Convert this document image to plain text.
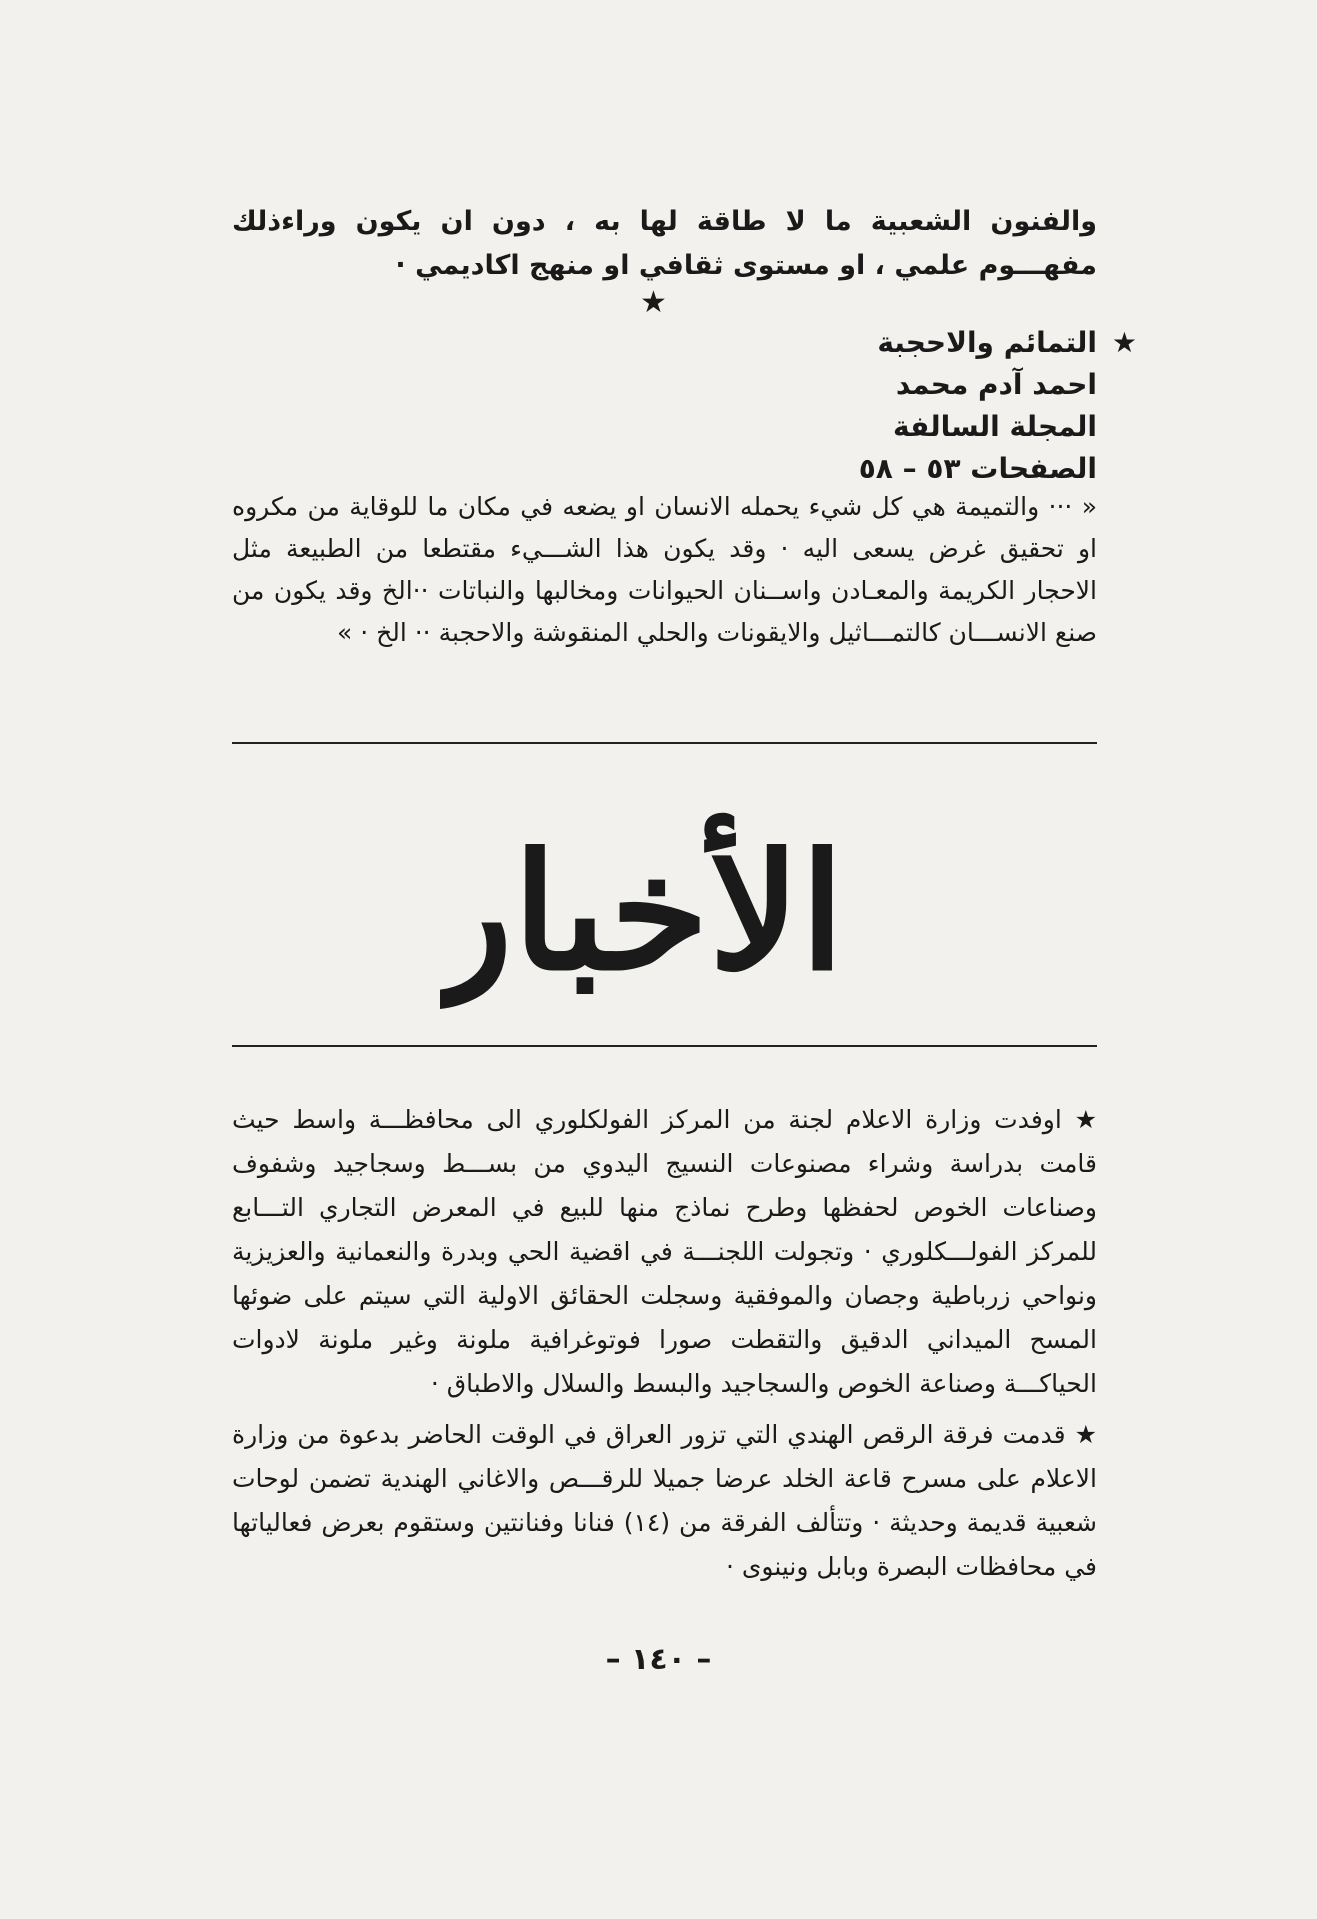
والفنون الشعبية ما لا طاقة لها به ، دون ان يكون وراءذلك مفهـــوم علمي ، او مستوى ثقافي او منهج اكاديمي ·
★
★
التمائم والاحجبة
احمد آدم محمد
المجلة السالفة
الصفحات ٥٣ – ٥٨
« ··· والتميمة هي كل شيء يحمله الانسان او يضعه في مكان ما للوقاية من مكروه او تحقيق غرض يسعى اليه · وقد يكون هذا الشـــيء مقتطعا من الطبيعة مثل الاحجار الكريمة والمعـادن واســنان الحيوانات ومخالبها والنباتات ··الخ وقد يكون من صنع الانســـان كالتمـــاثيل والايقونات والحلي المنقوشة والاحجبة ·· الخ · »
الأخبار
★ اوفدت وزارة الاعلام لجنة من المركز الفولكلوري الى محافظـــة واسط حيث قامت بدراسة وشراء مصنوعات النسيج اليدوي من بســـط وسجاجيد وشفوف وصناعات الخوص لحفظها وطرح نماذج منها للبيع في المعرض التجاري التـــابع للمركز الفولـــكلوري · وتجولت اللجنـــة في اقضية الحي وبدرة والنعمانية والعزيزية ونواحي زرباطية وجصان والموفقية وسجلت الحقائق الاولية التي سيتم على ضوئها المسح الميداني الدقيق والتقطت صورا فوتوغرافية ملونة وغير ملونة لادوات الحياكـــة وصناعة الخوص والسجاجيد والبسط والسلال والاطباق ·
★ قدمت فرقة الرقص الهندي التي تزور العراق في الوقت الحاضر بدعوة من وزارة الاعلام على مسرح قاعة الخلد عرضا جميلا للرقـــص والاغاني الهندية تضمن لوحات شعبية قديمة وحديثة · وتتألف الفرقة من (١٤) فنانا وفنانتين وستقوم بعرض فعالياتها في محافظات البصرة وبابل ونينوى ·
– ١٤٠ –
